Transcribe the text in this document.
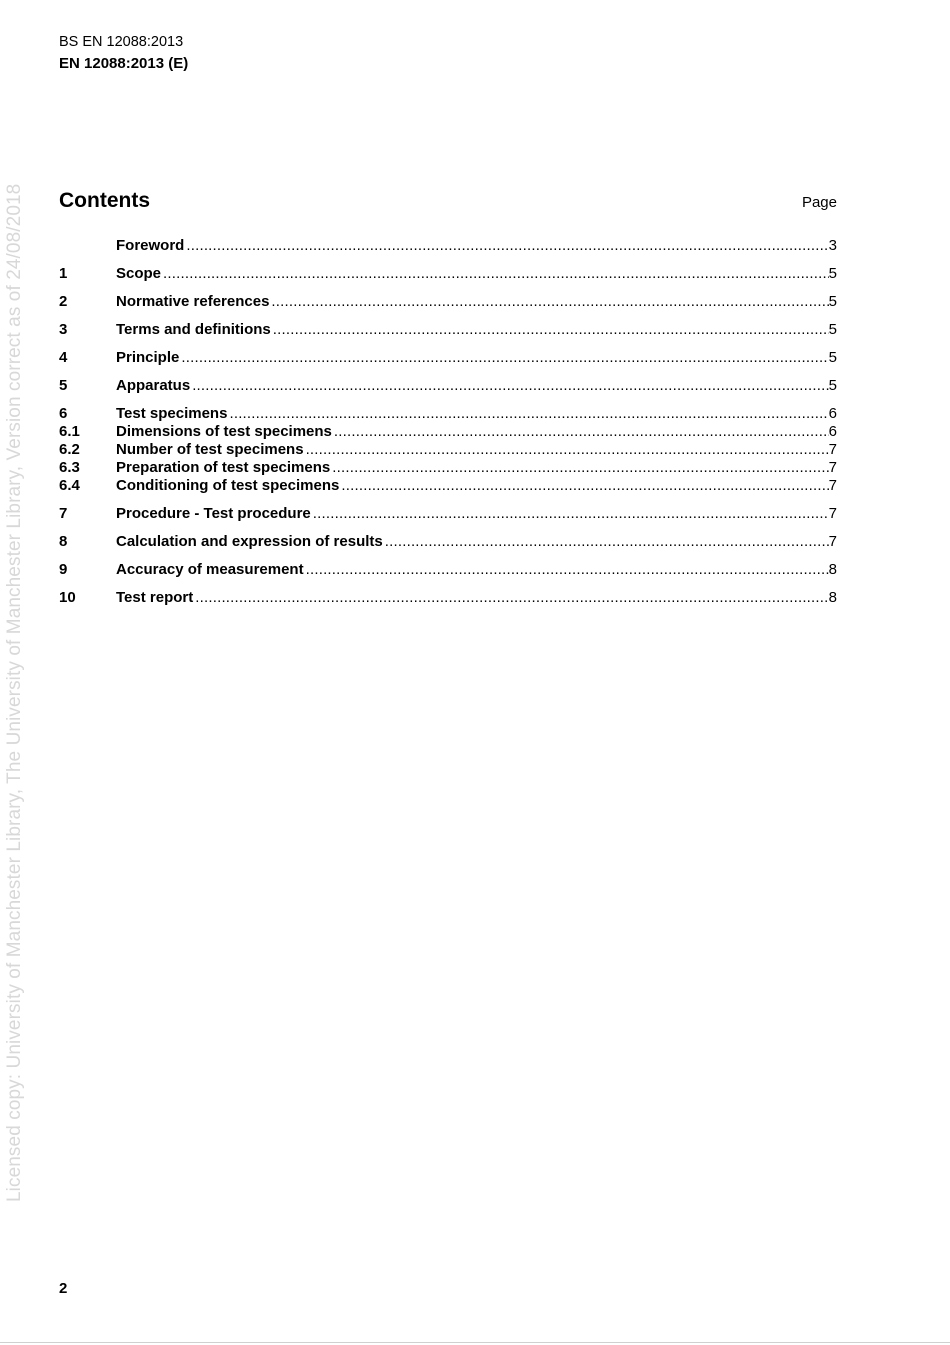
BS EN 12088:2013
EN 12088:2013 (E)
Licensed copy: University of Manchester Library, The University of Manchester Library, Version correct as of 24/08/2018 Contents	Page
Foreword .....	3
1	Scope .....	5
2	Normative references .....	5
3	Terms and definitions .....	5
4	Principle .....	5
5	Apparatus .....	5
6	Test specimens .....	6
6.1	Dimensions of test specimens .....	6
6.2	Number of test specimens .....	7
6.3	Preparation of test specimens .....	7
6.4	Conditioning of test specimens .....	7
7	Procedure - Test procedure .....	7
8	Calculation and expression of results .....	7
9	Accuracy of measurement .....	8
10	Test report .....	8
2
